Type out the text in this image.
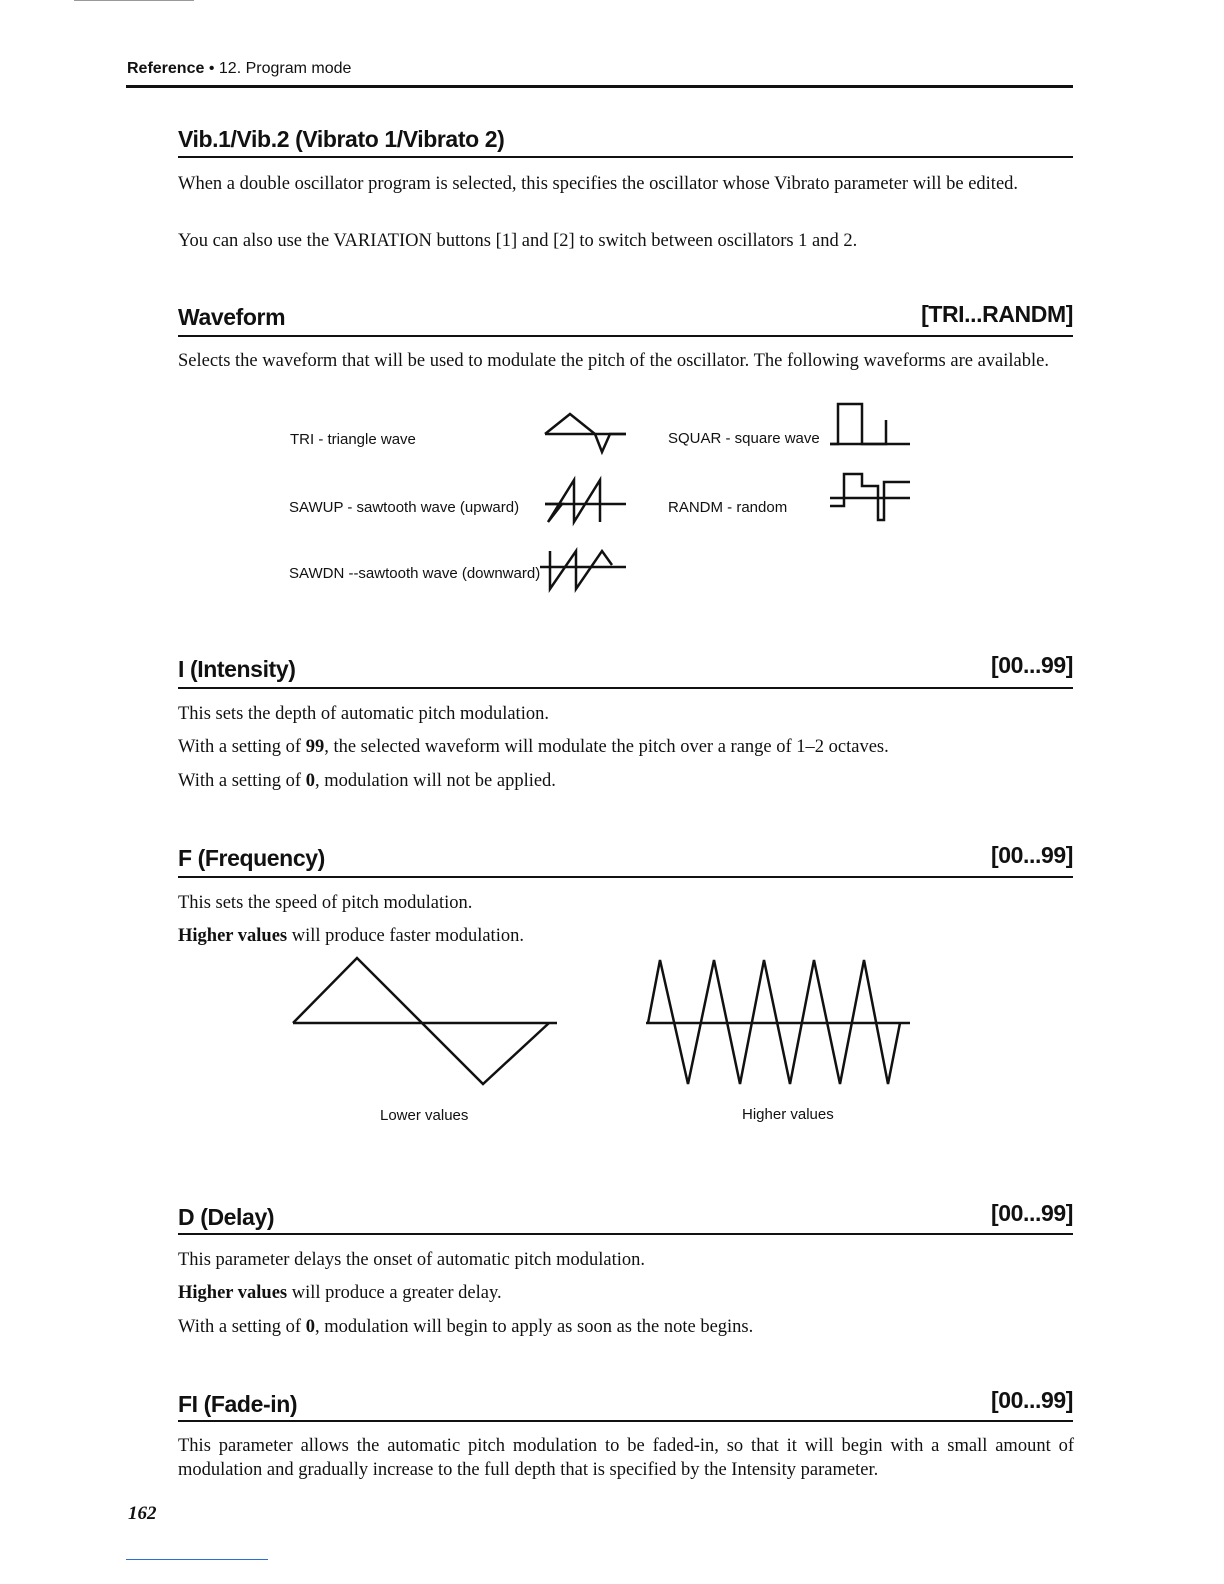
Reference • 12. Program mode
Vib.1/Vib.2 (Vibrato 1/Vibrato 2)
When a double oscillator program is selected, this specifies the oscillator whose Vibrato parameter will be edited.
You can also use the VARIATION buttons [1] and [2] to switch between oscillators 1 and 2.
Waveform	[TRI...RANDM]
Selects the waveform that will be used to modulate the pitch of the oscillator. The following waveforms are available.
TRI - triangle wave
SAWUP - sawtooth wave (upward)
SAWDN --sawtooth wave (downward)
SQUAR - square wave
RANDM - random
I (Intensity)	[00...99]
This sets the depth of automatic pitch modulation.
With a setting of 99, the selected waveform will modulate the pitch over a range of 1–2 octaves.
With a setting of 0, modulation will not be applied.
F (Frequency)	[00...99]
This sets the speed of pitch modulation.
Higher values will produce faster modulation.
Lower values	Higher values
D (Delay)	[00...99]
This parameter delays the onset of automatic pitch modulation.
Higher values will produce a greater delay.
With a setting of 0, modulation will begin to apply as soon as the note begins.
FI (Fade-in)	[00...99]
This parameter allows the automatic pitch modulation to be faded-in, so that it will begin with a small amount of modulation and gradually increase to the full depth that is specified by the Intensity parameter.
162
